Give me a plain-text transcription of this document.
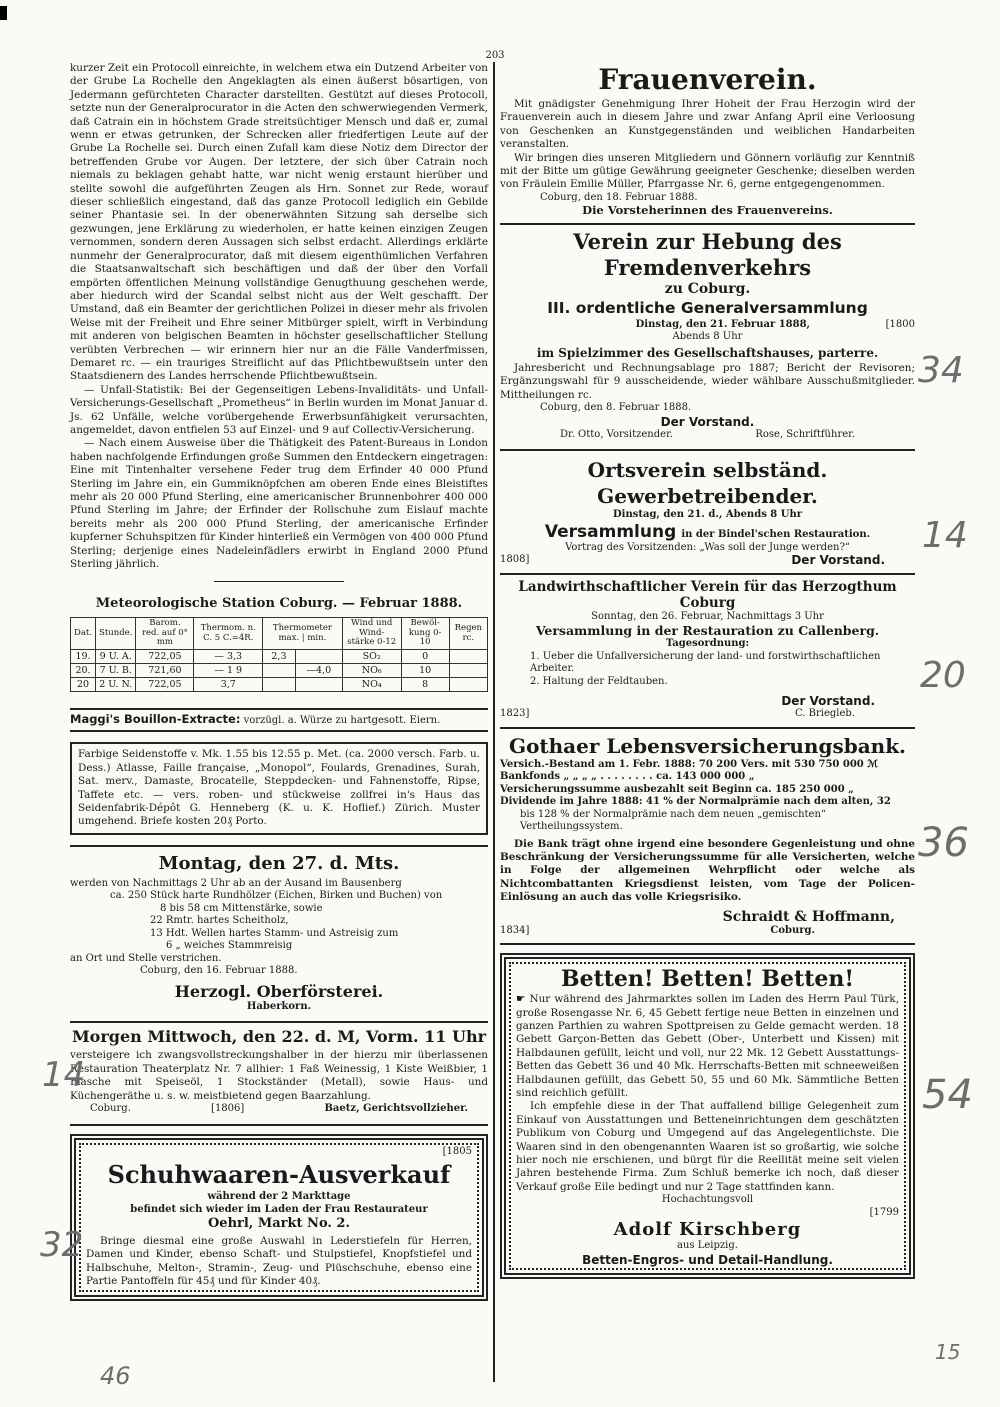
203

kurzer Zeit ein Protocoll einreichte, in welchem etwa ein Dutzend Arbeiter von der Grube La Rochelle den Angeklagten als einen äußerst bösartigen, von Jedermann gefürchteten Character darstellten. Gestützt auf dieses Protocoll, setzte nun der Generalprocurator in die Acten den schwerwiegenden Vermerk, daß Catrain ein in höchstem Grade streitsüchtiger Mensch und daß er, zumal wenn er etwas getrunken, der Schrecken aller friedfertigen Leute auf der Grube La Rochelle sei. Durch einen Zufall kam diese Notiz dem Director der betreffenden Grube vor Augen. Der letztere, der sich über Catrain noch niemals zu beklagen gehabt hatte, war nicht wenig erstaunt hierüber und stellte sowohl die aufgeführten Zeugen als Hrn. Sonnet zur Rede, worauf dieser schließlich eingestand, daß das ganze Protocoll lediglich ein Gebilde seiner Phantasie sei. In der obenerwähnten Sitzung sah derselbe sich gezwungen, jene Erklärung zu wiederholen, er hatte keinen einzigen Zeugen vernommen, sondern deren Aussagen sich selbst erdacht. Allerdings erklärte nunmehr der Generalprocurator, daß mit diesem eigenthümlichen Verfahren die Staatsanwaltschaft sich beschäftigen und daß der über den Vorfall empörten öffentlichen Meinung vollständige Genugthuung geschehen werde, aber hiedurch wird der Scandal selbst nicht aus der Welt geschafft. Der Umstand, daß ein Beamter der gerichtlichen Polizei in dieser mehr als frivolen Weise mit der Freiheit und Ehre seiner Mitbürger spielt, wirft in Verbindung mit anderen von belgischen Beamten in höchster gesellschaftlicher Stellung verübten Verbrechen — wir erinnern hier nur an die Fälle Vanderfmissen, Demaret rc. — ein trauriges Streiflicht auf das Pflichtbewußtsein unter den Staatsdienern des Landes herrschende Pflichtbewußtsein.

— Unfall-Statistik: Bei der Gegenseitigen Lebens-Invaliditäts- und Unfall-Versicherungs-Gesellschaft „Prometheus“ in Berlin wurden im Monat Januar d. Js. 62 Unfälle, welche vorübergehende Erwerbsunfähigkeit verursachten, angemeldet, davon entfielen 53 auf Einzel- und 9 auf Collectiv-Versicherung.

— Nach einem Ausweise über die Thätigkeit des Patent-Bureaus in London haben nachfolgende Erfindungen große Summen den Entdeckern eingetragen: Eine mit Tintenhalter versehene Feder trug dem Erfinder 40 000 Pfund Sterling im Jahre ein, ein Gummiknöpfchen am oberen Ende eines Bleistiftes mehr als 20 000 Pfund Sterling, eine americanischer Brunnenbohrer 400 000 Pfund Sterling im Jahre; der Erfinder der Rollschuhe zum Eislauf machte bereits mehr als 200 000 Pfund Sterling, der americanische Erfinder kupferner Schuhspitzen für Kinder hinterließ ein Vermögen von 400 000 Pfund Sterling; derjenige eines Nadeleinfädlers erwirbt in England 2000 Pfund Sterling jährlich.

Meteorologische Station Coburg. — Februar 1888.
Dat.	Stunde.	Barom. red. auf 0° mm	Thermom. n. C. 5 C.=4R.	Thermometer max. | min.		Wind und Wind-stärke 0-12	Bewöl-kung 0-10	Regen rc.
19.	9 U. A.	722,05	— 3,3	2,3		SO₂	0	
20.	7 U. B.	721,60	— 1 9		—4,0	NO₆	10	
20	2 U. N.	722,05	3,7			NO₄	8	
Maggi's Bouillon-Extracte: vorzügl. a. Würze zu hartgesott. Eiern.

Farbige Seidenstoffe v. Mk. 1.55 bis 12.55 p. Met. (ca. 2000 versch. Farb. u. Dess.) Atlasse, Faille française, „Monopol“, Foulards, Grenadines, Surah, Sat. merv., Damaste, Brocatelle, Steppdecken- und Fahnenstoffe, Ripse, Taffete etc. — vers. roben- und stückweise zollfrei in's Haus das Seidenfabrik-Dépôt G. Henneberg (K. u. K. Hoflief.) Zürich. Muster umgehend. Briefe kosten 20₰ Porto.

Montag, den 27. d. Mts.
werden von Nachmittags 2 Uhr ab an der Ausand im Bausenberg
ca. 250 Stück harte Rundhölzer (Eichen, Birken und Buchen) von
8 bis 58 cm Mittenstärke, sowie
22 Rmtr. hartes Scheitholz,
13 Hdt. Wellen hartes Stamm- und Astreisig zum
6 „ weiches Stammreisig
an Ort und Stelle verstrichen.
Coburg, den 16. Februar 1888.
Herzogl. Oberförsterei.
Haberkorn.
Morgen Mittwoch, den 22. d. M, Vorm. 11 Uhr

versteigere ich zwangsvollstreckungshalber in der hierzu mir überlassenen Restauration Theaterplatz Nr. 7 allhier: 1 Faß Weinessig, 1 Kiste Weißbier, 1 Flasche mit Speiseöl, 1 Stockständer (Metall), sowie Haus- und Küchengeräthe u. s. w. meistbietend gegen Baarzahlung.

Coburg.	[1806]	Baetz, Gerichtsvollzieher.
[1805
Schuhwaaren-Ausverkauf
während der 2 Markttage
befindet sich wieder im Laden der Frau Restaurateur
Oehrl, Markt No. 2.

Bringe diesmal eine große Auswahl in Lederstiefeln für Herren, Damen und Kinder, ebenso Schaft- und Stulpstiefel, Knopfstiefel und Halbschuhe, Melton-, Stramin-, Zeug- und Plüschschuhe, ebenso eine Partie Pantoffeln für 45₰ und für Kinder 40₰.

Frauenverein.

Mit gnädigster Genehmigung Ihrer Hoheit der Frau Herzogin wird der Frauenverein auch in diesem Jahre und zwar Anfang April eine Verloosung von Geschenken an Kunstgegenständen und weiblichen Handarbeiten veranstalten.

Wir bringen dies unseren Mitgliedern und Gönnern vorläufig zur Kenntniß mit der Bitte um gütige Gewährung geeigneter Geschenke; dieselben werden von Fräulein Emilie Müller, Pfarrgasse Nr. 6, gerne entgegengenommen.

Coburg, den 18. Februar 1888.
Die Vorsteherinnen des Frauenvereins.
Verein zur Hebung des Fremdenverkehrs
zu Coburg.
III. ordentliche Generalversammlung
Dinstag, den 21. Februar 1888,	[1800
Abends 8 Uhr
im Spielzimmer des Gesellschaftshauses, parterre.

Jahresbericht und Rechnungsablage pro 1887; Bericht der Revisoren; Ergänzungswahl für 9 ausscheidende, wieder wählbare Ausschußmitglieder. Mittheilungen rc.

Coburg, den 8. Februar 1888.
Der Vorstand.
Dr. Otto, Vorsitzender.	Rose, Schriftführer.
Ortsverein selbständ. Gewerbetreibender.
Dinstag, den 21. d., Abends 8 Uhr
Versammlung in der Bindel'schen Restauration.
Vortrag des Vorsitzenden: „Was soll der Junge werden?“
1808]	Der Vorstand.
Landwirthschaftlicher Verein für das Herzogthum Coburg
Sonntag, den 26. Februar, Nachmittags 3 Uhr
Versammlung in der Restauration zu Callenberg.
Tagesordnung:
1. Ueber die Unfallversicherung der land- und forstwirthschaftlichen Arbeiter.
2. Haltung der Feldtauben.
Der Vorstand.
1823]	C. Briegleb.
Gothaer Lebensversicherungsbank.
Versich.-Bestand am 1. Febr. 1888: 70 200 Vers. mit 530 750 000 ℳ
Bankfonds „ „ „ „ . . . . . . . . ca. 143 000 000 „
Versicherungssumme ausbezahlt seit Beginn ca. 185 250 000 „
Dividende im Jahre 1888: 41 % der Normalprämie nach dem alten, 32
bis 128 % der Normalprämie nach dem neuen „gemischten“ Vertheilungssystem.

Die Bank trägt ohne irgend eine besondere Gegenleistung und ohne Beschränkung der Versicherungssumme für alle Versicherten, welche in Folge der allgemeinen Wehrpflicht oder welche als Nichtcombattanten Kriegsdienst leisten, vom Tage der Policen-Einlösung an auch das volle Kriegsrisiko.

Schraidt & Hoffmann,
1834]	Coburg.
Betten! Betten! Betten!

☛ Nur während des Jahrmarktes sollen im Laden des Herrn Paul Türk, große Rosengasse Nr. 6, 45 Gebett fertige neue Betten in einzelnen und ganzen Parthien zu wahren Spottpreisen zu Gelde gemacht werden. 18 Gebett Garçon-Betten das Gebett (Ober-, Unterbett und Kissen) mit Halbdaunen gefüllt, leicht und voll, nur 22 Mk. 12 Gebett Ausstattungs-Betten das Gebett 36 und 40 Mk. Herrschafts-Betten mit schneeweißen Halbdaunen gefüllt, das Gebett 50, 55 und 60 Mk. Sämmtliche Betten sind reichlich gefüllt.

Ich empfehle diese in der That auffallend billige Gelegenheit zum Einkauf von Ausstattungen und Betteneinrichtungen dem geschätzten Publikum von Coburg und Umgegend auf das Angelegentlichste. Die Waaren sind in den obengenannten Waaren ist so großartig, wie solche hier noch nie erschienen, und bürgt für die Reellität meine seit vielen Jahren bestehende Firma. Zum Schluß bemerke ich noch, daß dieser Verkauf große Eile bedingt und nur 2 Tage stattfinden kann.

Hochachtungsvoll
[1799
Adolf Kirschberg
aus Leipzig.
Betten-Engros- und Detail-Handlung.
34
14
20
36
54
14
32
46
15
